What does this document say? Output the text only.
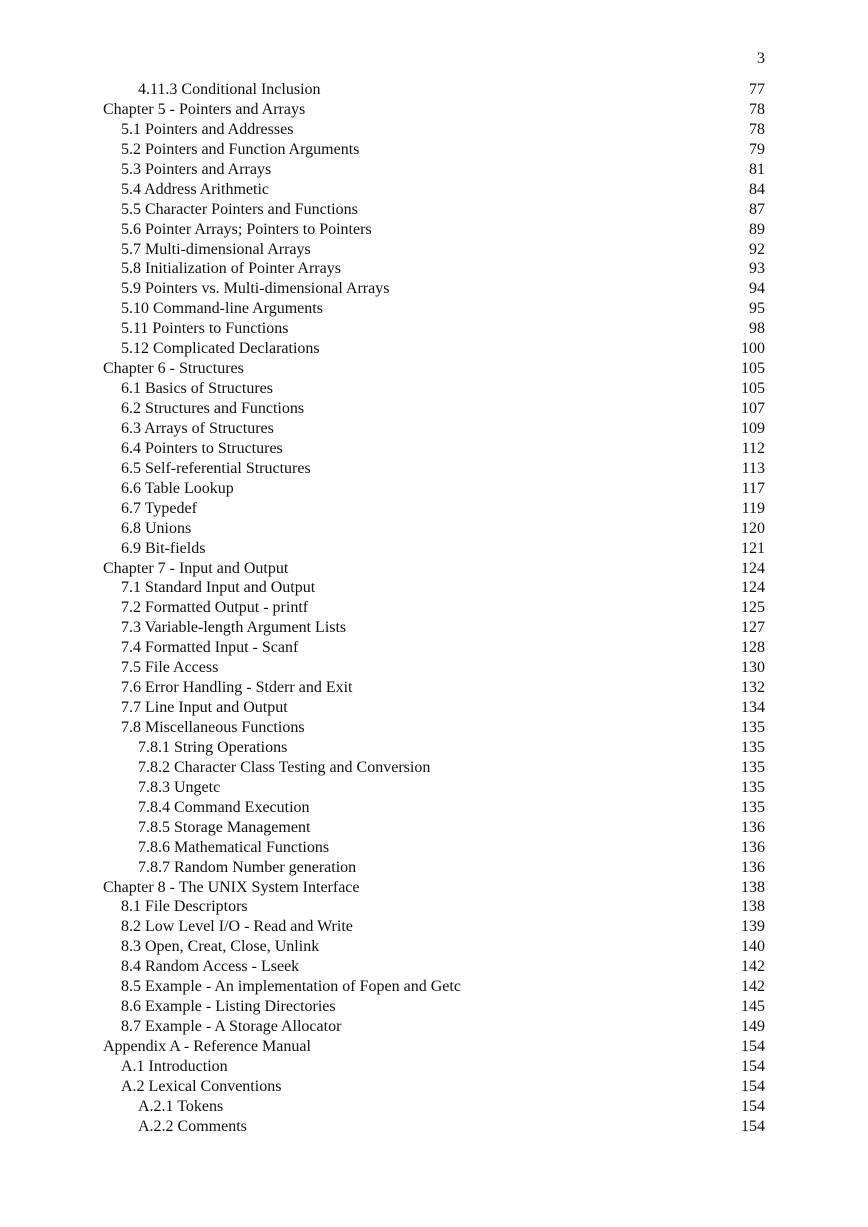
3
4.11.3 Conditional Inclusion	77
Chapter 5 - Pointers and Arrays	78
5.1 Pointers and Addresses	78
5.2 Pointers and Function Arguments	79
5.3 Pointers and Arrays	81
5.4 Address Arithmetic	84
5.5 Character Pointers and Functions	87
5.6 Pointer Arrays; Pointers to Pointers	89
5.7 Multi-dimensional Arrays	92
5.8 Initialization of Pointer Arrays	93
5.9 Pointers vs. Multi-dimensional Arrays	94
5.10 Command-line Arguments	95
5.11 Pointers to Functions	98
5.12 Complicated Declarations	100
Chapter 6 - Structures	105
6.1 Basics of Structures	105
6.2 Structures and Functions	107
6.3 Arrays of Structures	109
6.4 Pointers to Structures	112
6.5 Self-referential Structures	113
6.6 Table Lookup	117
6.7 Typedef	119
6.8 Unions	120
6.9 Bit-fields	121
Chapter 7 - Input and Output	124
7.1 Standard Input and Output	124
7.2 Formatted Output - printf	125
7.3 Variable-length Argument Lists	127
7.4 Formatted Input - Scanf	128
7.5 File Access	130
7.6 Error Handling - Stderr and Exit	132
7.7 Line Input and Output	134
7.8 Miscellaneous Functions	135
7.8.1 String Operations	135
7.8.2 Character Class Testing and Conversion	135
7.8.3 Ungetc	135
7.8.4 Command Execution	135
7.8.5 Storage Management	136
7.8.6 Mathematical Functions	136
7.8.7 Random Number generation	136
Chapter 8 - The UNIX System Interface	138
8.1 File Descriptors	138
8.2 Low Level I/O - Read and Write	139
8.3 Open, Creat, Close, Unlink	140
8.4 Random Access - Lseek	142
8.5 Example - An implementation of Fopen and Getc	142
8.6 Example - Listing Directories	145
8.7 Example - A Storage Allocator	149
Appendix A - Reference Manual	154
A.1 Introduction	154
A.2 Lexical Conventions	154
A.2.1 Tokens	154
A.2.2 Comments	154
